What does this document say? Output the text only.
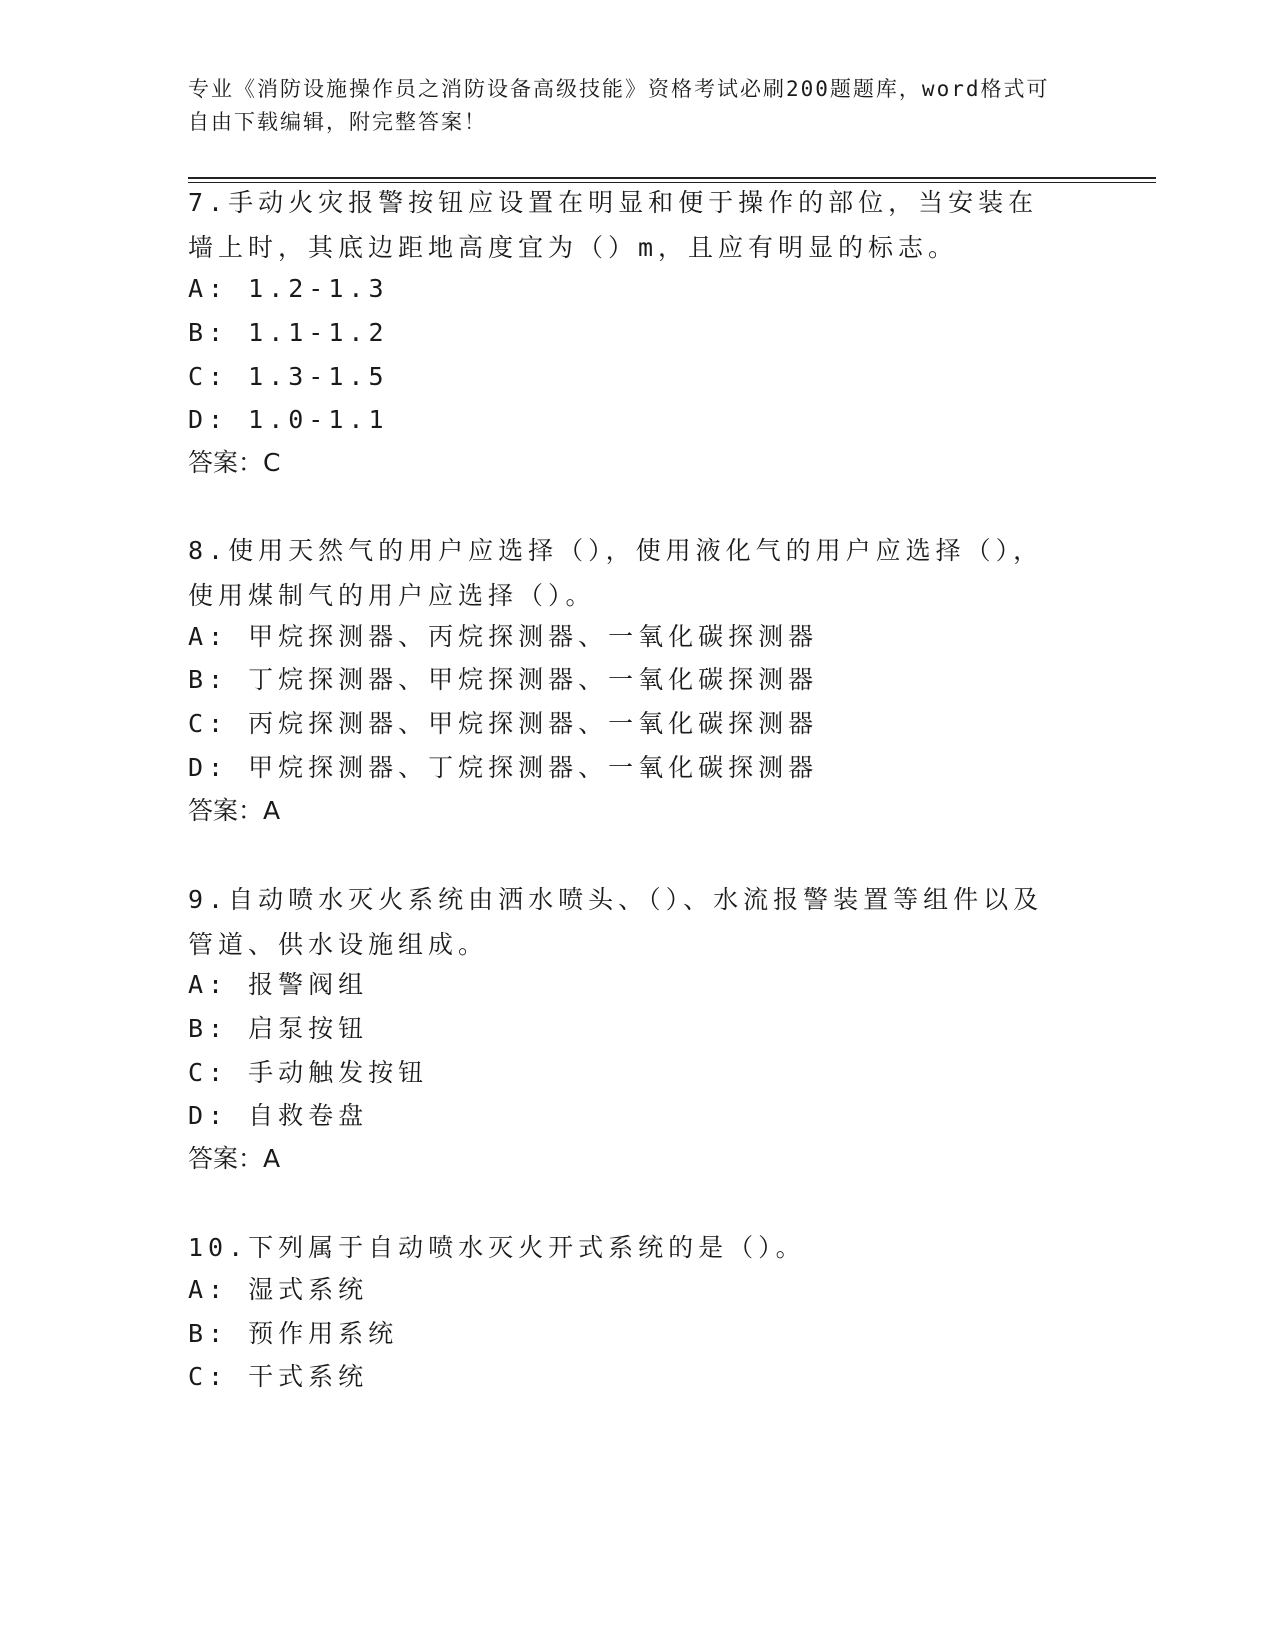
专业《消防设施操作员之消防设备高级技能》资格考试必刷200题题库，word格式可自由下载编辑，附完整答案！
7.手动火灾报警按钮应设置在明显和便于操作的部位，当安装在墙上时，其底边距地高度宜为（）m，且应有明显的标志。
A: 1.2-1.3
B: 1.1-1.2
C: 1.3-1.5
D: 1.0-1.1
答案：C
8.使用天然气的用户应选择（），使用液化气的用户应选择（），使用煤制气的用户应选择（）。
A: 甲烷探测器、丙烷探测器、一氧化碳探测器
B: 丁烷探测器、甲烷探测器、一氧化碳探测器
C: 丙烷探测器、甲烷探测器、一氧化碳探测器
D: 甲烷探测器、丁烷探测器、一氧化碳探测器
答案：A
9.自动喷水灭火系统由洒水喷头、（）、水流报警装置等组件以及管道、供水设施组成。
A: 报警阀组
B: 启泵按钮
C: 手动触发按钮
D: 自救卷盘
答案：A
10.下列属于自动喷水灭火开式系统的是（）。
A: 湿式系统
B: 预作用系统
C: 干式系统
